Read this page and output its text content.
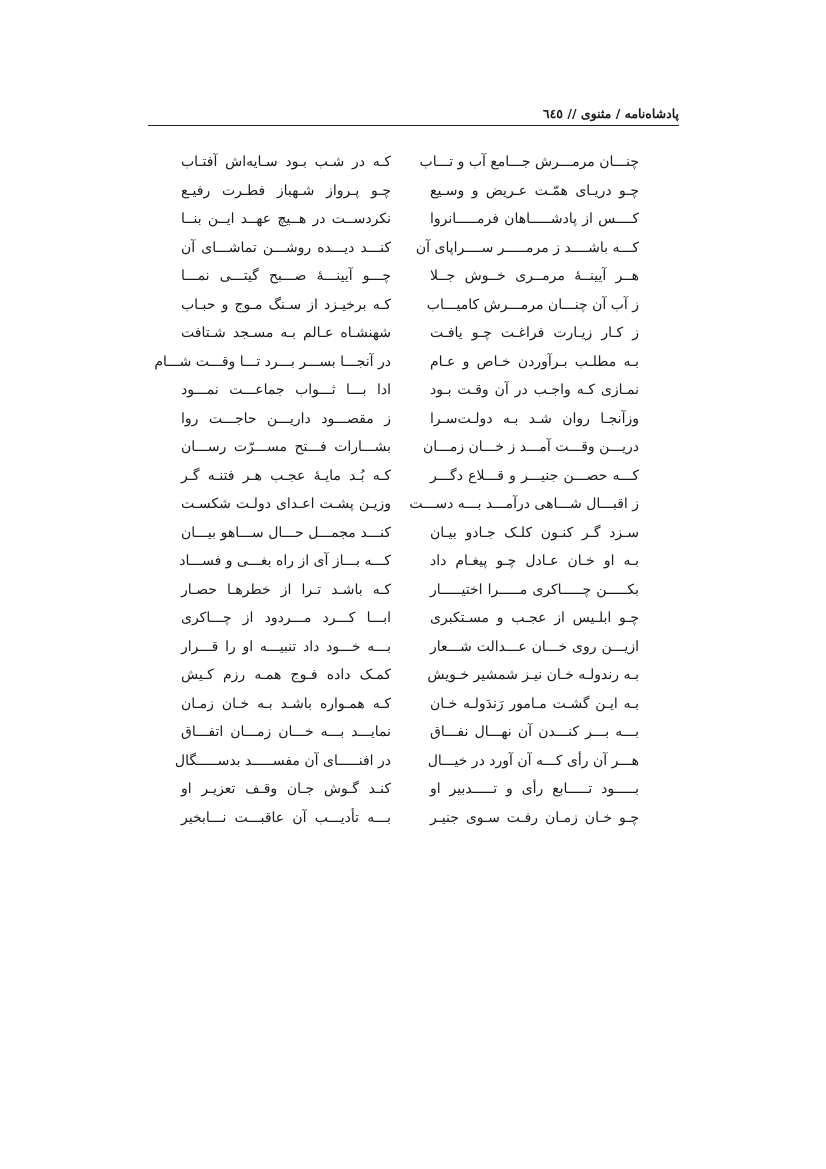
پادشاه‌نامه / مثنوی // ٦٤٥
چنـــان مرمـــرش جـــامع آب و تـــاب
چـو دریـای همّـت عـریض و وسـیع
کــــس از پادشـــــاهان فرمـــــانروا
کـــه باشــــد ز مرمـــــر ســــراپای آن
هــر آیینــهٔ مرمــری خــوش جــلا
ز آب آن چنـــان مرمـــرش کامیـــاب
ز کـار زیـارت فراغـت چـو یافـت
بـه مطلـب بـرآوردن خـاص و عـام
نمـازی کـه واجـب در آن وقـت بـود
وزآنجـا روان شـد بـه دولـت‌سـرا
دریـــن وقـــت آمـــد ز خـــان زمـــان
کـــه حصـــن جنیـــر و قـــلاع دگـــر
ز اقبـــال شـــاهی درآمـــد بـــه دســـت
سـزد گـر کنـون کلـک جـادو بیـان
بـه او خـان عـادل چـو پیغـام داد
بکـــــن چـــــاکری مـــــرا اختیـــــار
چـو ابلـیس از عجـب و مسـتکبری
ازیـــن روی خـــان عـــدالت شـــعار
بـه رندولـه خـان نیـز شمشیر خـویش
بـه ایـن گشـت مـامور رَندَولـه خـان
بـــه بـــر کنـــدن آن نهـــال نفـــاق
هـــر آن رأی کـــه آن آورد در خیـــال
بـــــود تـــــابع رأی و تـــــدبیر او
چـو خـان زمـان رفـت سـوی جنیـر
کـه در شـب بـود سـایه‌اش آفتـاب
چـو پـرواز شـهباز فطـرت رفیـع
نکردســت در هــیچ عهــد ایــن بنــا
کنـــد دیـــده روشـــن تماشـــای آن
چـــو آیینـــهٔ صـــبح گیتـــی نمـــا
کـه برخیـزد از سـنگ مـوج و حبـاب
شهنشـاه عـالم بـه مسـجد شـتافت
در آنجـــا بســـر بـــرد تـــا وقـــت شـــام
ادا بـــا ثـــواب جماعـــت نمـــود
ز مقصـــود داریـــن حاجـــت روا
بشـــارات فـــتح مســـرّت رســـان
کـه بُـد مایـهٔ عجـب هـر فتنـه گـر
وزیـن پشـت اعـدای دولـت شکسـت
کنـــد مجمـــل حـــال ســـاهو بیـــان
کـــه بـــاز آی از راه بغـــی و فســـاد
کـه باشـد تـرا از خطرهـا حصـار
ابـــا کـــرد مـــردود از چـــاکری
بـــه خـــود داد تنبیـــه او را قـــرار
کمـک داده فـوج همـه رزم کـیش
کـه همـواره باشـد بـه خـان زمـان
نمایـــد بـــه خـــان زمـــان اتفـــاق
در افنـــــای آن مفســـــد بدســـــگال
کنـد گـوش جـان وقـف تعزیـر او
بـــه تأدیـــب آن عاقبـــت نـــابخیر
